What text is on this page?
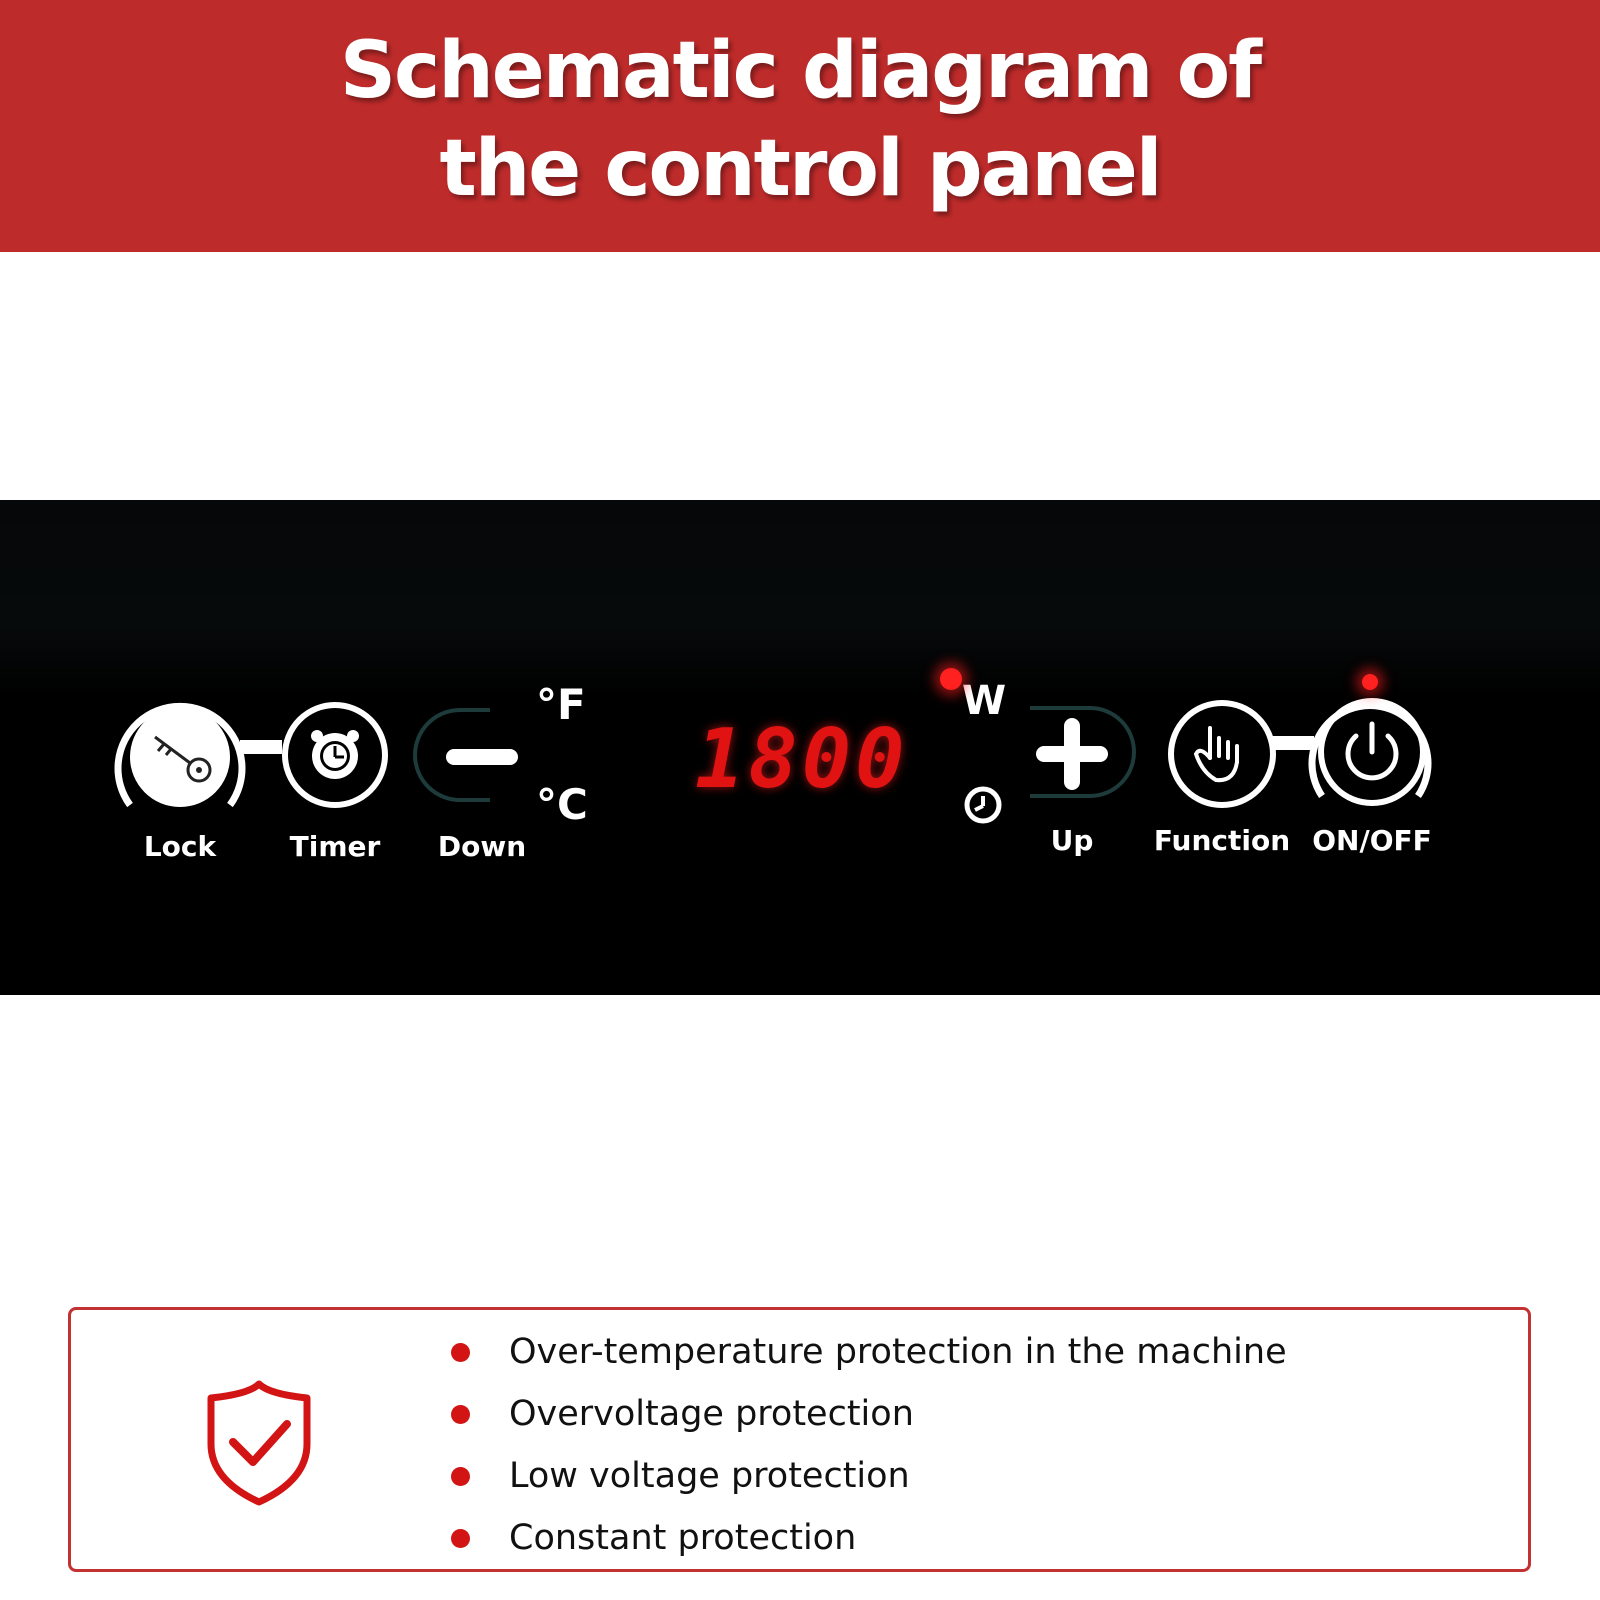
Schematic diagram of
the control panel
°F
°C
W
1800
Lock	Timer Down	Up	Function ON/OFF
Over-temperature protection in the machine
Overvoltage protection
Low voltage protection
Constant protection
